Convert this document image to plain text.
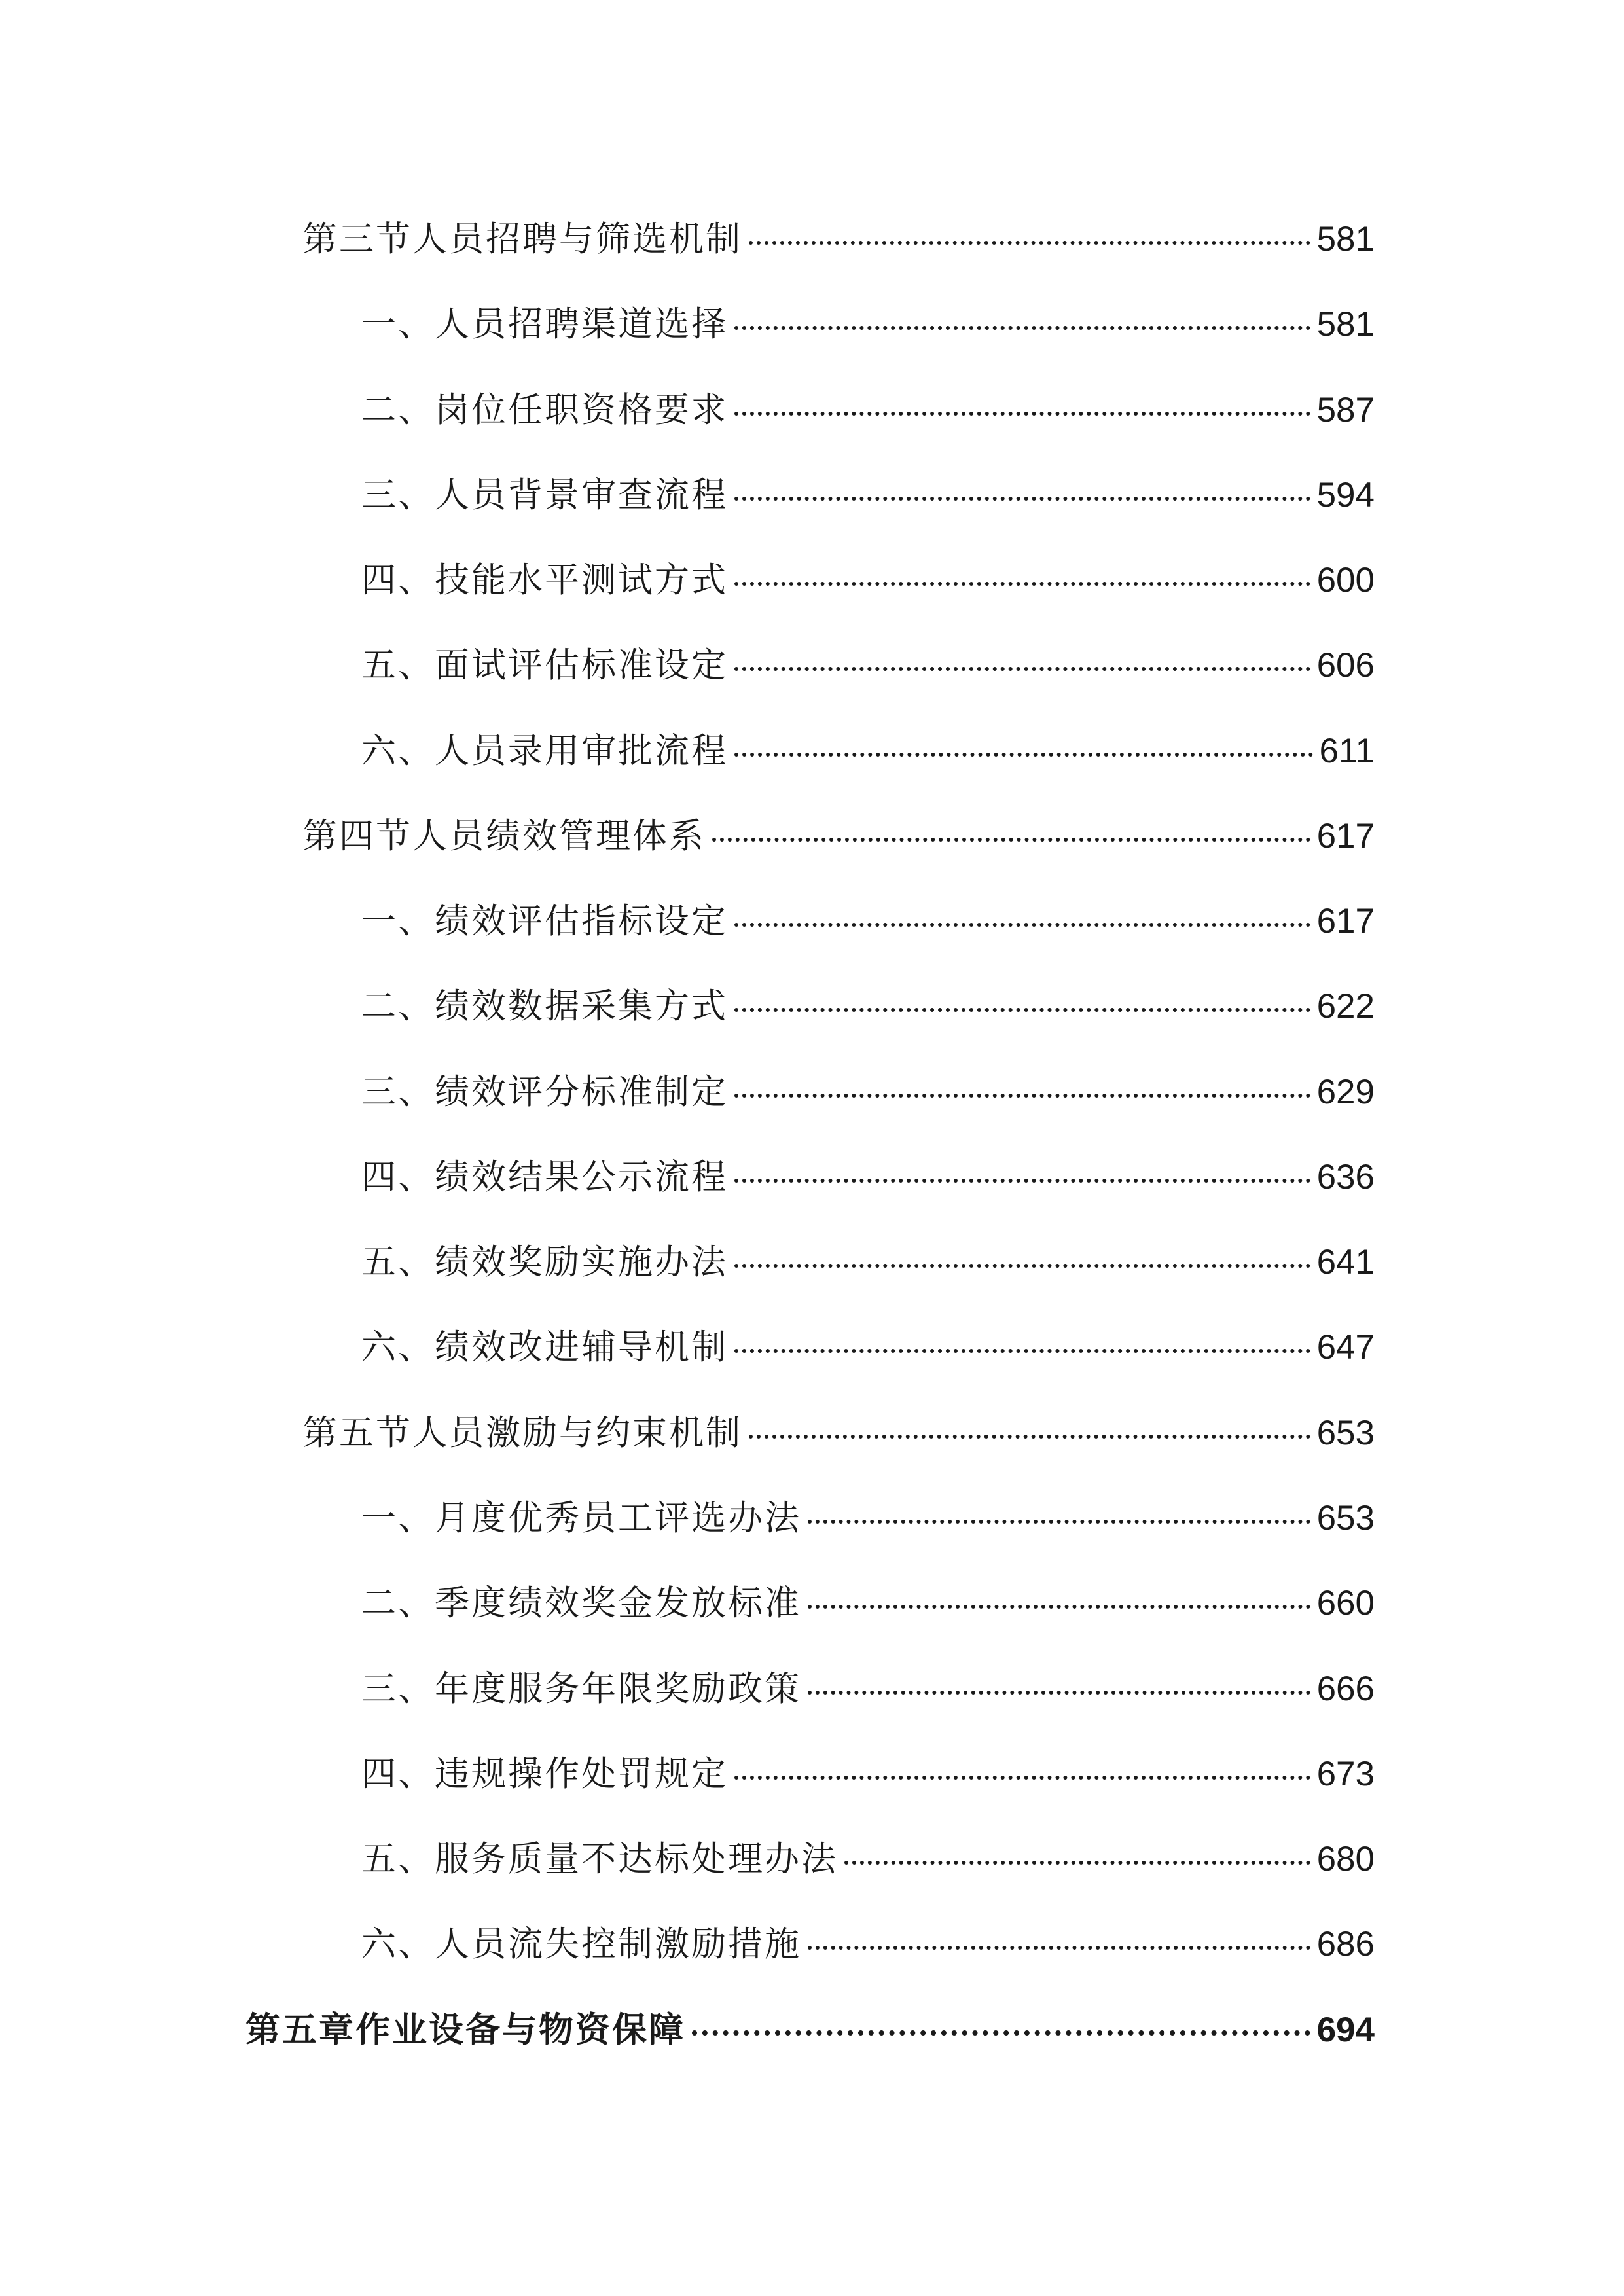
第三节人员招聘与筛选机制	581
一、人员招聘渠道选择	581
二、岗位任职资格要求	587
三、人员背景审查流程	594
四、技能水平测试方式	600
五、面试评估标准设定	606
六、人员录用审批流程	611
第四节人员绩效管理体系	617
一、绩效评估指标设定	617
二、绩效数据采集方式	622
三、绩效评分标准制定	629
四、绩效结果公示流程	636
五、绩效奖励实施办法	641
六、绩效改进辅导机制	647
第五节人员激励与约束机制	653
一、月度优秀员工评选办法	653
二、季度绩效奖金发放标准	660
三、年度服务年限奖励政策	666
四、违规操作处罚规定	673
五、服务质量不达标处理办法	680
六、人员流失控制激励措施	686
第五章作业设备与物资保障	694
